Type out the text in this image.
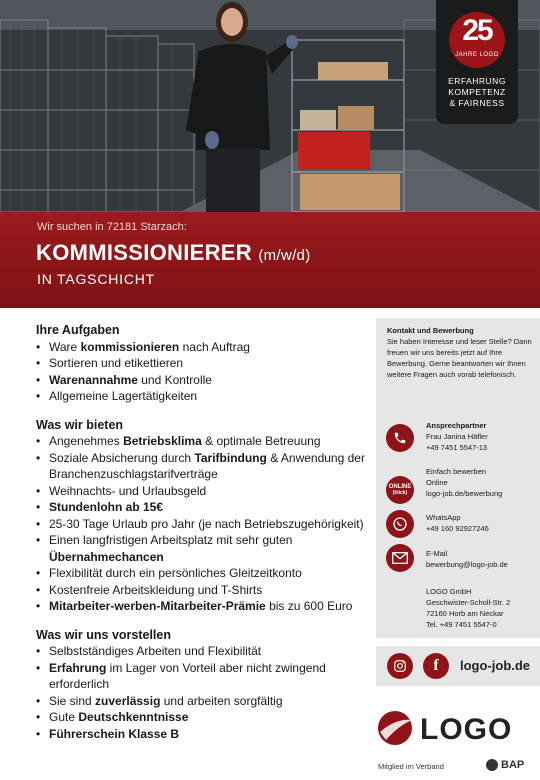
25
JAHRE LOGO
ERFAHRUNG
KOMPETENZ
& FAIRNESS
Wir suchen in 72181 Starzach:
KOMMISSIONIERER (m/w/d)
IN TAGSCHICHT
Ihre Aufgaben
• Ware kommissionieren nach Auftrag
• Sortieren und etikettieren
• Warenannahme und Kontrolle
• Allgemeine Lagertätigkeiten
Was wir bieten
• Angenehmes Betriebsklima & optimale Betreuung
• Soziale Absicherung durch Tarifbindung & Anwendung der Branchenzuschlagstarifverträge
• Weihnachts- und Urlaubsgeld
• Stundenlohn ab 15€
• 25-30 Tage Urlaub pro Jahr (je nach Betriebszugehörigkeit)
• Einen langfristigen Arbeitsplatz mit sehr guten Übernahmechancen
• Flexibilität durch ein persönliches Gleitzeitkonto
• Kostenfreie Arbeitskleidung und T-Shirts
• Mitarbeiter-werben-Mitarbeiter-Prämie bis zu 600 Euro
Was wir uns vorstellen
• Selbstständiges Arbeiten und Flexibilität
• Erfahrung im Lager von Vorteil aber nicht zwingend erforderlich
• Sie sind zuverlässig und arbeiten sorgfältig
• Gute Deutschkenntnisse
• Führerschein Klasse B
Kontakt und Bewerbung
Sie haben Interesse und leser Stelle? Dann freuen wir uns bereits jetzt auf Ihre Bewerbung. Gerne beantworten wir Ihnen weitere Fragen auch vorab telefonisch.
Ansprechpartner
Frau Janina Häfler
+49 7451 5547-13
ONLINE
(klick)
Einfach bewerben
Online
logo-job.de/bewerbung
WhatsApp
+49 160 92927246
E-Mail
bewerbung@logo-job.de
LOGO GmbH
Geschwister-Scholl-Str. 2
72160 Horb am Neckar
Tel. +49 7451 5547-0
f	logo-job.de
LOGO
Mitglied im Verband	BAP
